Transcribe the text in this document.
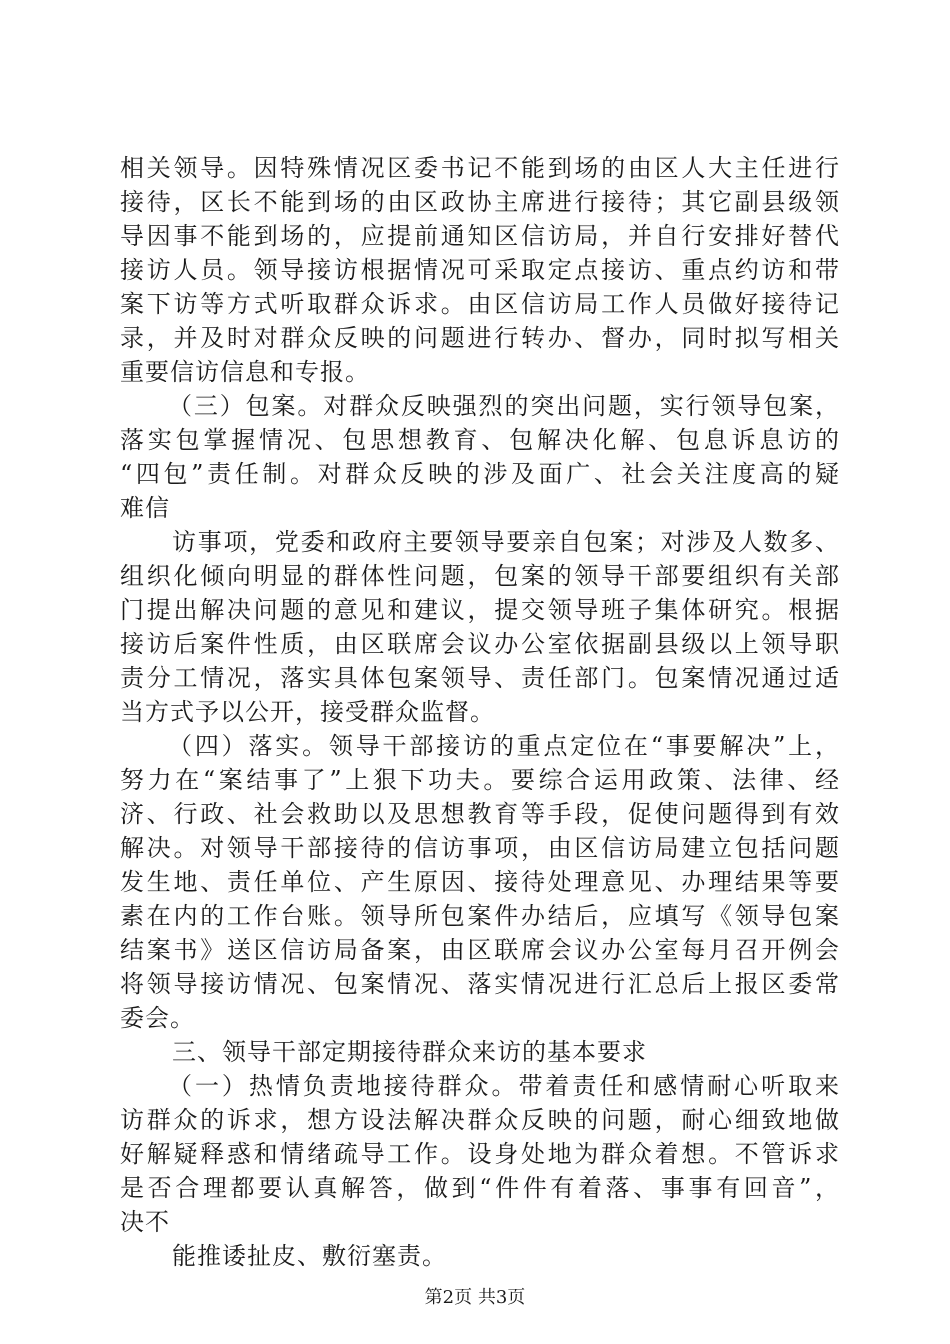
相关领导。因特殊情况区委书记不能到场的由区人大主任进行
接待，区长不能到场的由区政协主席进行接待；其它副县级领
导因事不能到场的，应提前通知区信访局，并自行安排好替代
接访人员。领导接访根据情况可采取定点接访、重点约访和带
案下访等方式听取群众诉求。由区信访局工作人员做好接待记
录，并及时对群众反映的问题进行转办、督办，同时拟写相关
重要信访信息和专报。
（三）包案。对群众反映强烈的突出问题，实行领导包案，
落实包掌握情况、包思想教育、包解决化解、包息诉息访的
“四包”责任制。对群众反映的涉及面广、社会关注度高的疑
难信
访事项，党委和政府主要领导要亲自包案；对涉及人数多、
组织化倾向明显的群体性问题，包案的领导干部要组织有关部
门提出解决问题的意见和建议，提交领导班子集体研究。根据
接访后案件性质，由区联席会议办公室依据副县级以上领导职
责分工情况，落实具体包案领导、责任部门。包案情况通过适
当方式予以公开，接受群众监督。
（四）落实。领导干部接访的重点定位在“事要解决”上，
努力在“案结事了”上狠下功夫。要综合运用政策、法律、经
济、行政、社会救助以及思想教育等手段，促使问题得到有效
解决。对领导干部接待的信访事项，由区信访局建立包括问题
发生地、责任单位、产生原因、接待处理意见、办理结果等要
素在内的工作台账。领导所包案件办结后，应填写《领导包案
结案书》送区信访局备案，由区联席会议办公室每月召开例会
将领导接访情况、包案情况、落实情况进行汇总后上报区委常
委会。
三、领导干部定期接待群众来访的基本要求
（一）热情负责地接待群众。带着责任和感情耐心听取来
访群众的诉求，想方设法解决群众反映的问题，耐心细致地做
好解疑释惑和情绪疏导工作。设身处地为群众着想。不管诉求
是否合理都要认真解答，做到“件件有着落、事事有回音”，
决不
能推诿扯皮、敷衍塞责。
第2页 共3页
